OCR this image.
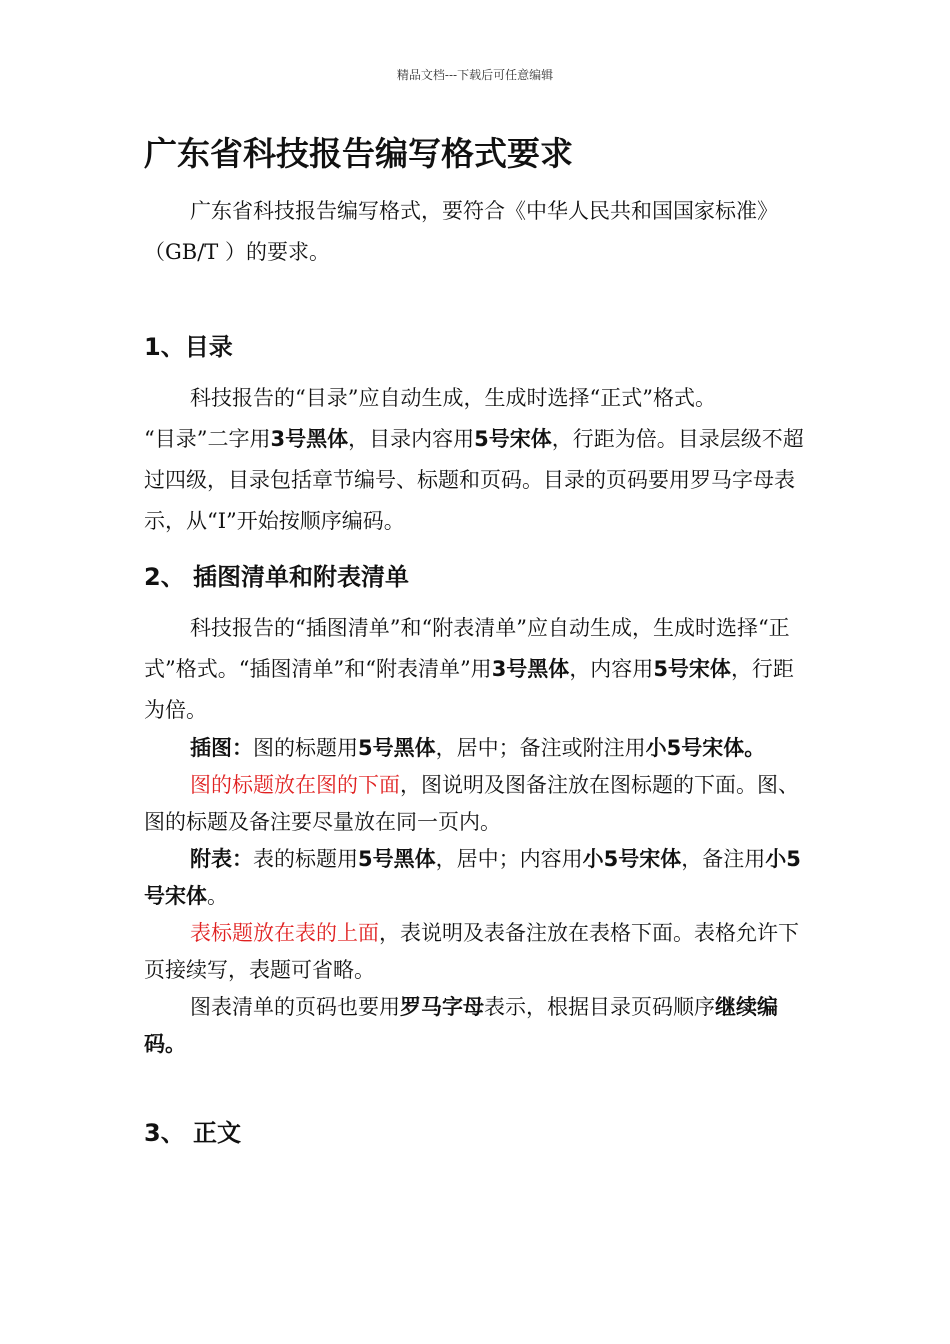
精品文档---下载后可任意编辑
广东省科技报告编写格式要求
广东省科技报告编写格式，要符合《中华人民共和国国家标准》
（GB/T ）的要求。
1、目录
科技报告的“目录”应自动生成，生成时选择“正式”格式。
“目录”二字用3号黑体，目录内容用5号宋体，行距为倍。目录层级不超过四级，目录包括章节编号、标题和页码。目录的页码要用罗马字母表示，从“I”开始按顺序编码。
2、 插图清单和附表清单
科技报告的“插图清单”和“附表清单”应自动生成，生成时选择“正式”格式。“插图清单”和“附表清单”用3号黑体，内容用5号宋体，行距为倍。
插图：图的标题用5号黑体，居中；备注或附注用小5号宋体。
图的标题放在图的下面，图说明及图备注放在图标题的下面。图、图的标题及备注要尽量放在同一页内。
附表：表的标题用5号黑体，居中；内容用小5号宋体，备注用小5号宋体。
表标题放在表的上面，表说明及表备注放在表格下面。表格允许下页接续写，表题可省略。
图表清单的页码也要用罗马字母表示，根据目录页码顺序继续编码。
3、 正文
